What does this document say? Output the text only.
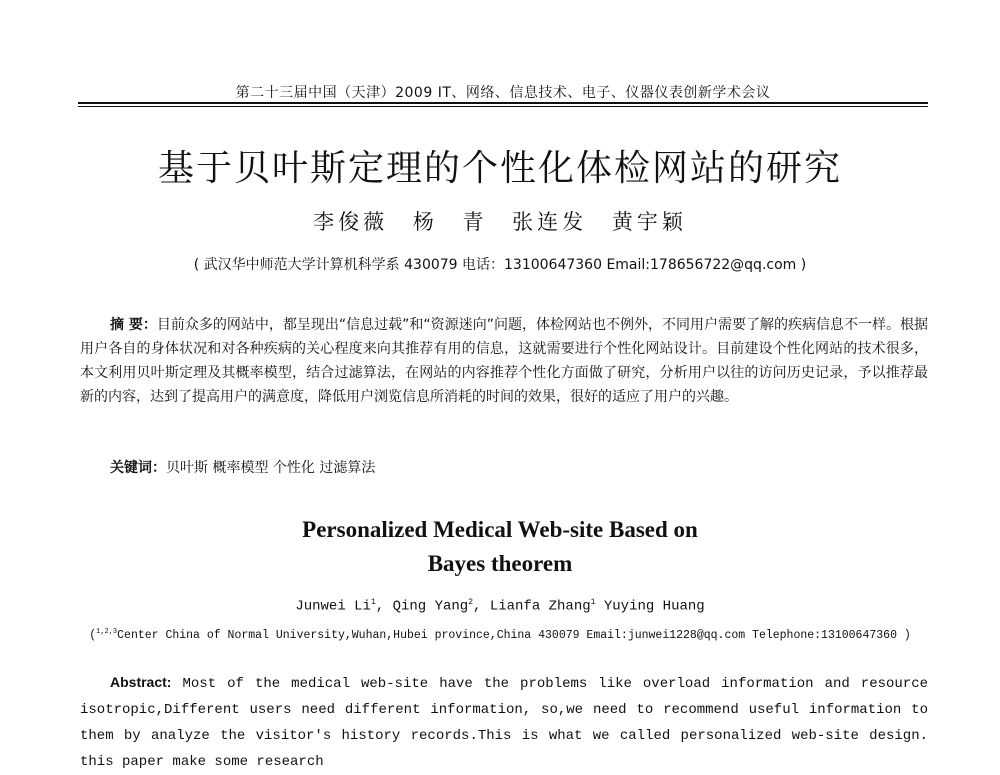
第二十三届中国（天津）2009 IT、网络、信息技术、电子、仪器仪表创新学术会议
基于贝叶斯定理的个性化体检网站的研究
李俊薇 杨 青 张连发 黄宇颖
( 武汉华中师范大学计算机科学系 430079 电话：13100647360 Email:178656722@qq.com )
摘 要：目前众多的网站中，都呈现出“信息过载”和“资源迷向”问题，体检网站也不例外，不同用户需要了解的疾病信息不一样。根据用户各自的身体状况和对各种疾病的关心程度来向其推荐有用的信息，这就需要进行个性化网站设计。目前建设个性化网站的技术很多，本文利用贝叶斯定理及其概率模型，结合过滤算法，在网站的内容推荐个性化方面做了研究，分析用户以往的访问历史记录，予以推荐最新的内容，达到了提高用户的满意度，降低用户浏览信息所消耗的时间的效果，很好的适应了用户的兴趣。
关键词：贝叶斯 概率模型 个性化 过滤算法
Personalized Medical Web-site Based on
Bayes theorem
Junwei Li$^1$, Qing Yang$^2$, Lianfa Zhang$^1$ Yuying Huang
($^{1,2,3}$Center China of Normal University,Wuhan,Hubei province,China 430079 Email:junwei1228@qq.com Telephone:13100647360 )
Abstract: Most of the medical web-site have the problems like overload information and resource isotropic,Different users need different information, so,we need to recommend useful information to them by analyze the visitor's history records.This is what we called personalized web-site design. this paper make some research
